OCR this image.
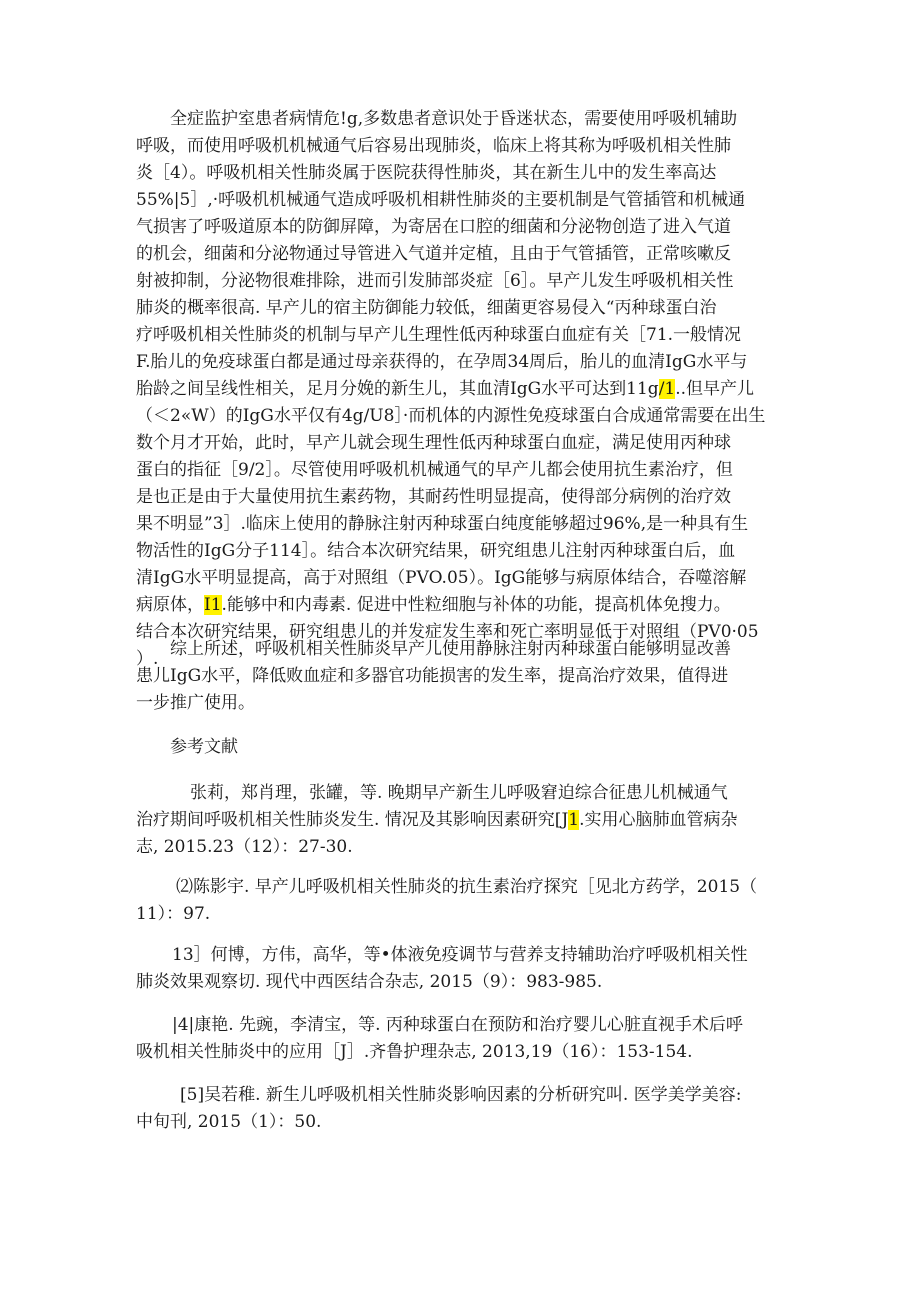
全症监护室患者病情危!g,多数患者意识处于昏迷状态，需要使用呼吸机辅助
呼吸，而使用呼吸机机械通气后容易出现肺炎，临床上将其称为呼吸机相关性肺
炎［4）。呼吸机相关性肺炎属于医院获得性肺炎，其在新生儿中的发生率高达
55%|5］,·呼吸机机械通气造成呼吸机相耕性肺炎的主要机制是气管插管和机械通
气损害了呼吸道原本的防御屏障，为寄居在口腔的细菌和分泌物创造了进入气道
的机会，细菌和分泌物通过导管进入气道并定植，且由于气管插管，正常咳嗽反
射被抑制，分泌物很难排除，进而引发肺部炎症［6］。早产儿发生呼吸机相关性
肺炎的概率很高. 早产儿的宿主防御能力较低，细菌更容易侵入“丙种球蛋白治
疗呼吸机相关性肺炎的机制与早产儿生理性低丙种球蛋白血症有关［71.一般情况
F.胎儿的免疫球蛋白都是通过母亲获得的，在孕周34周后，胎儿的血清IgG水平与
胎龄之间呈线性相关，足月分娩的新生儿，其血清IgG水平可达到11g/1..但早产儿
（＜2«W）的IgG水平仅有4g/U8］·而机体的内源性免疫球蛋白合成通常需要在出生
数个月才开始，此时，早产儿就会现生理性低丙种球蛋白血症，满足使用丙种球
蛋白的指征［9/2］。尽管使用呼吸机机械通气的早产儿都会使用抗生素治疗，但
是也正是由于大量使用抗生素药物，其耐药性明显提高，使得部分病例的治疗效
果不明显”3］.临床上使用的静脉注射丙种球蛋白纯度能够超过96%,是一种具有生
物活性的IgG分子114］。结合本次研究结果，研究组患儿注射丙种球蛋白后，血
清IgG水平明显提高，高于对照组（PVO.05）。IgG能够与病原体结合，吞噬溶解
病原体，I1.能够中和内毒素. 促进中性粒细胞与补体的功能，提高机体免搜力。
结合本次研究结果，研究组患儿的并发症发生率和死亡率明显低于对照组（PV0·05
）. 综上所述，呼吸机相关性肺炎早产儿使用静脉注射丙种球蛋白能够明显改善
患儿IgG水平，降低败血症和多器官功能损害的发生率，提高治疗效果，值得进
一步推广使用。
参考文献
张莉，郑肖理，张罐，等. 晚期早产新生儿呼吸窘迫综合征患儿机械通气
治疗期间呼吸机相关性肺炎发生. 情况及其影响因素研究[J1.实用心脑肺血管病杂
志, 2015.23（12）：27-30.
⑵陈影宇. 早产儿呼吸机相关性肺炎的抗生素治疗探究［见北方药学，2015（
11）：97.
13］何博，方伟，高华，等•体液免疫调节与营养支持辅助治疗呼吸机相关性
肺炎效果观察切. 现代中西医结合杂志, 2015（9）：983-985.
|4|康艳. 先豌，李清宝，等. 丙种球蛋白在预防和治疗婴儿心脏直视手术后呼
吸机相关性肺炎中的应用［J］.齐鲁护理杂志, 2013,19（16）：153-154.
[5]吴若稚. 新生儿呼吸机相关性肺炎影响因素的分析研究叫. 医学美学美容:
中旬刊, 2015（1）：50.
